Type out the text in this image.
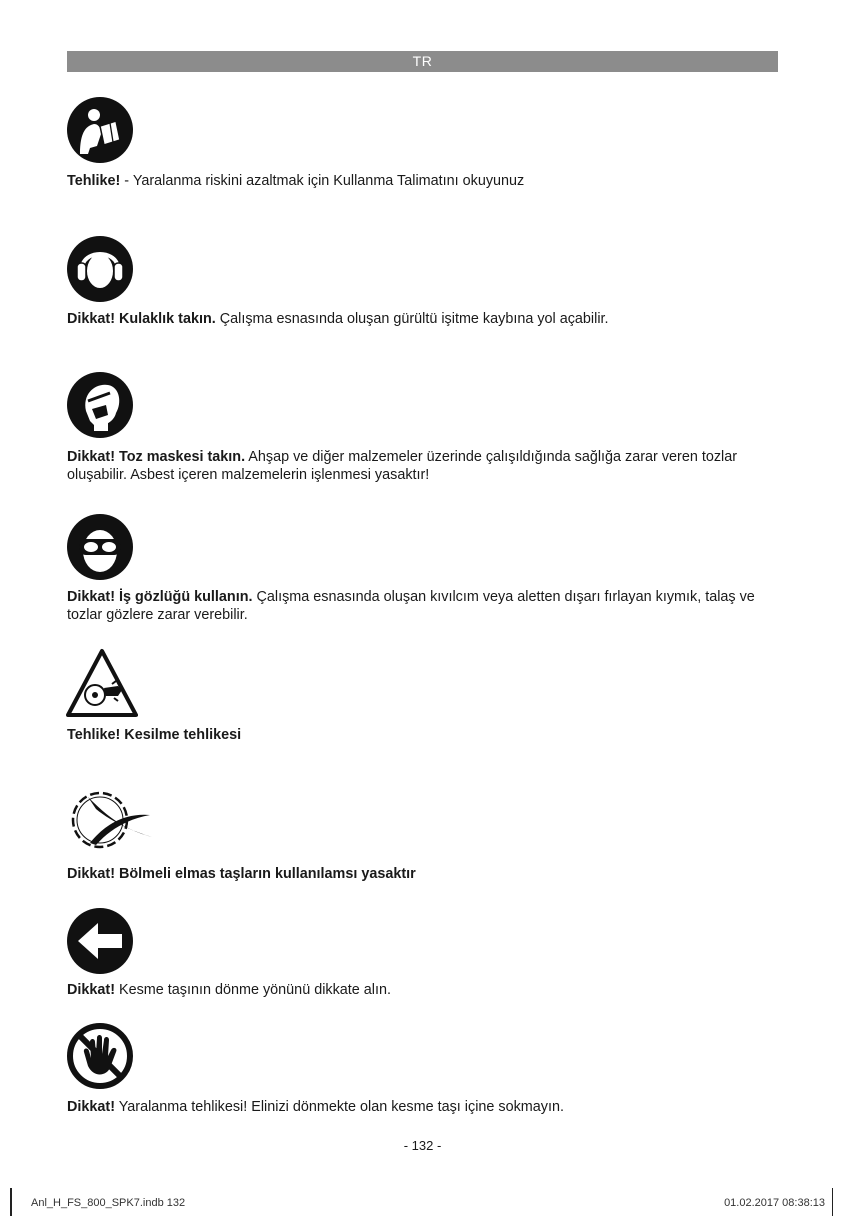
TR
Tehlike! - Yaralanma riskini azaltmak için Kullanma Talimatını okuyunuz
Dikkat! Kulaklık takın. Çalışma esnasında oluşan gürültü işitme kaybına yol açabilir.
Dikkat! Toz maskesi takın. Ahşap ve diğer malzemeler üzerinde çalışıldığında sağlığa zarar veren tozlar oluşabilir. Asbest içeren malzemelerin işlenmesi yasaktır!
Dikkat! İş gözlüğü kullanın. Çalışma esnasında oluşan kıvılcım veya aletten dışarı fırlayan kıymık, talaş ve tozlar gözlere zarar verebilir.
Tehlike! Kesilme tehlikesi
Dikkat! Bölmeli elmas taşların kullanılamsı yasaktır
Dikkat! Kesme taşının dönme yönünü dikkate alın.
Dikkat! Yaralanma tehlikesi! Elinizi dönmekte olan kesme taşı içine sokmayın.
- 132 -
Anl_H_FS_800_SPK7.indb 132	01.02.2017 08:38:13
